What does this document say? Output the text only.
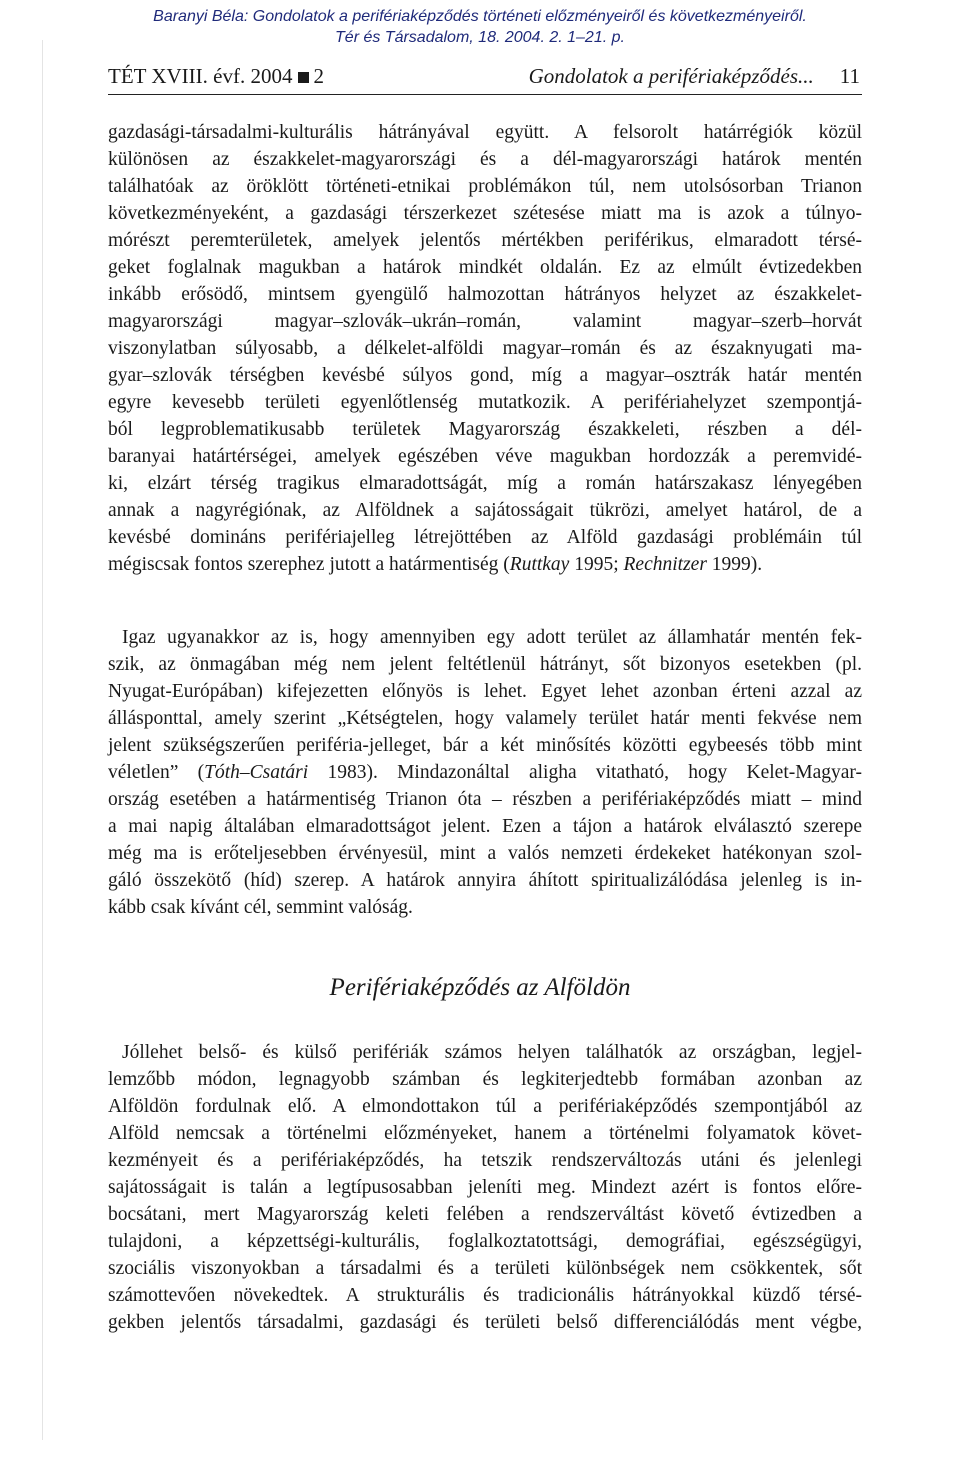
Baranyi Béla: Gondolatok a perifériaképződés történeti előzményeiről és következményeiről.
Tér és Társadalom, 18. 2004. 2. 1–21. p.
TÉT XVIII. évf. 2004 2	Gondolatok a perifériaképződés... 11
gazdasági-társadalmi-kulturális hátrányával együtt. A felsorolt határrégiók közül
különösen az északkelet-magyarországi és a dél-magyarországi határok mentén
találhatóak az öröklött történeti-etnikai problémákon túl, nem utolsósorban Trianon
következményeként, a gazdasági térszerkezet szétesése miatt ma is azok a túlnyo-
mórészt peremterületek, amelyek jelentős mértékben periférikus, elmaradott térsé-
geket foglalnak magukban a határok mindkét oldalán. Ez az elmúlt évtizedekben
inkább erősödő, mintsem gyengülő halmozottan hátrányos helyzet az északkelet-
magyarországi magyar–szlovák–ukrán–román, valamint magyar–szerb–horvát
viszonylatban súlyosabb, a délkelet-alföldi magyar–román és az északnyugati ma-
gyar–szlovák térségben kevésbé súlyos gond, míg a magyar–osztrák határ mentén
egyre kevesebb területi egyenlőtlenség mutatkozik. A perifériahelyzet szempontjá-
ból legproblematikusabb területek Magyarország északkeleti, részben a dél-
baranyai határtérségei, amelyek egészében véve magukban hordozzák a peremvidé-
ki, elzárt térség tragikus elmaradottságát, míg a román határszakasz lényegében
annak a nagyrégiónak, az Alföldnek a sajátosságait tükrözi, amelyet határol, de a
kevésbé domináns perifériajelleg létrejöttében az Alföld gazdasági problémáin túl
mégiscsak fontos szerephez jutott a határmentiség (Ruttkay 1995; Rechnitzer 1999).
Igaz ugyanakkor az is, hogy amennyiben egy adott terület az államhatár mentén fek-
szik, az önmagában még nem jelent feltétlenül hátrányt, sőt bizonyos esetekben (pl.
Nyugat-Európában) kifejezetten előnyös is lehet. Egyet lehet azonban érteni azzal az
állásponttal, amely szerint „Kétségtelen, hogy valamely terület határ menti fekvése nem
jelent szükségszerűen periféria-jelleget, bár a két minősítés közötti egybeesés több mint
véletlen” (Tóth–Csatári 1983). Mindazonáltal aligha vitatható, hogy Kelet-Magyar-
ország esetében a határmentiség Trianon óta – részben a perifériaképződés miatt – mind
a mai napig általában elmaradottságot jelent. Ezen a tájon a határok elválasztó szerepe
még ma is erőteljesebben érvényesül, mint a valós nemzeti érdekeket hatékonyan szol-
gáló összekötő (híd) szerep. A határok annyira áhított spiritualizálódása jelenleg is in-
kább csak kívánt cél, semmint valóság.
Perifériaképződés az Alföldön
Jóllehet belső- és külső perifériák számos helyen találhatók az országban, legjel-
lemzőbb módon, legnagyobb számban és legkiterjedtebb formában azonban az
Alföldön fordulnak elő. A elmondottakon túl a perifériaképződés szempontjából az
Alföld nemcsak a történelmi előzményeket, hanem a történelmi folyamatok követ-
kezményeit és a perifériaképződés, ha tetszik rendszerváltozás utáni és jelenlegi
sajátosságait is talán a legtípusosabban jeleníti meg. Mindezt azért is fontos előre-
bocsátani, mert Magyarország keleti felében a rendszerváltást követő évtizedben a
tulajdoni, a képzettségi-kulturális, foglalkoztatottsági, demográfiai, egészségügyi,
szociális viszonyokban a társadalmi és a területi különbségek nem csökkentek, sőt
számottevően növekedtek. A strukturális és tradicionális hátrányokkal küzdő térsé-
gekben jelentős társadalmi, gazdasági és területi belső differenciálódás ment végbe,
